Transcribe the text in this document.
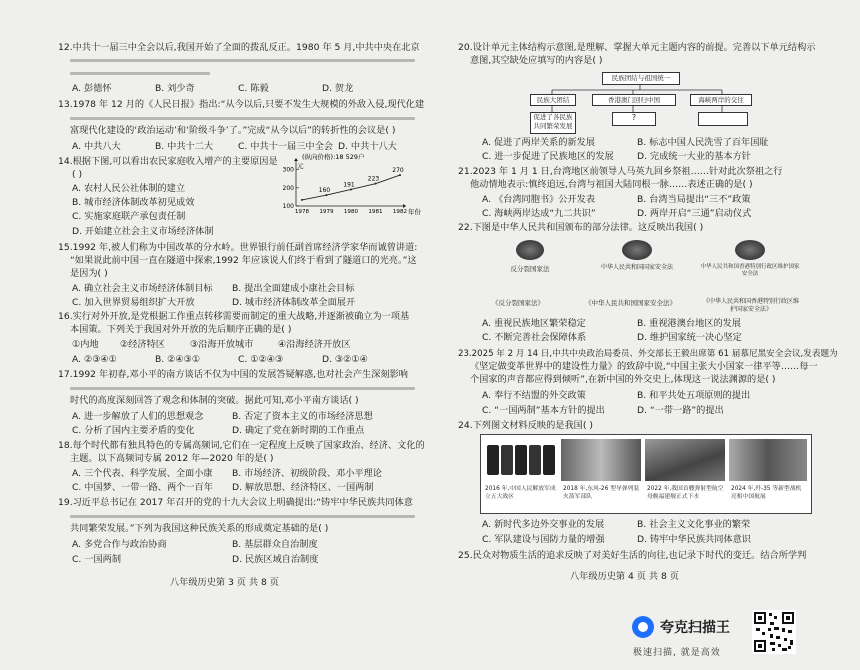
12.中共十一届三中全会以后,我国开始了全面的拨乱反正。1980 年 5 月,中共中央在北京
A. 彭德怀	B. 刘少奇	C. 陈毅	D. 贺龙
13.1978 年 12 月的《人民日报》指出:“从今以后,只要不发生大规模的外敌入侵,现代化建
富现代化建设的‘政治运动’和‘阶级斗争’了。”完成“从今以后”的转折性的会议是( )
A. 中共八大	B. 中共十二大	C. 中共十一届三中全会 D. 中共十八大
14.根据下图,可以看出农民家庭收入增产的主要原因是
( )
A. 农村人民公社体制的建立
B. 城市经济体制改革初见成效
C. 实施家庭联产承包责任制
D. 开始建立社会主义市场经济体制
(纵向价格):18 529户
元
年份
100
200
300
1978 1979 1980 1981 1982
160
191
223
270
15.1992 年,被人们称为中国改革的分水岭。世界银行前任副首席经济学家华而诚曾讲道:
“如果说此前中国一直在隧道中探索,1992 年应该说人们终于看到了隧道口的光亮。”这
是因为( )
A. 确立社会主义市场经济体制目标 B. 提出全面建成小康社会目标
C. 加入世界贸易组织扩大开放	D. 城市经济体制改革全面展开
16.实行对外开放,是党根据工作重点转移需要而制定的重大战略,并逐渐被确立为一项基
本国策。下列关于我国对外开放的先后顺序正确的是( )
①内地 ②经济特区	③沿海开放城市	④沿海经济开放区
A. ②③④①	B. ②④③①	C. ①②④③	D. ③②①④
17.1992 年初春,邓小平的南方谈话不仅为中国的发展答疑解惑,也对社会产生深刻影响
时代的高度深刻回答了观念和体制的突破。据此可知,邓小平南方谈话( )
A. 进一步解放了人们的思想观念	B. 否定了资本主义的市场经济思想
C. 分析了国内主要矛盾的变化	D. 确定了党在新时期的工作重点
18.每个时代都有独具特色的专属高频词,它们在一定程度上反映了国家政治、经济、文化的
主题。以下高频词专属 2012 年—2020 年的是( )
A. 三个代表、科学发展、全面小康 B. 市场经济、初级阶段、邓小平理论
C. 中国梦、一带一路、两个一百年 D. 解放思想、经济特区、一国两制
19.习近平总书记在 2017 年召开的党的十九大会议上明确提出:“铸牢中华民族共同体意
共同繁荣发展。”下列为我国这种民族关系的形成奠定基础的是( )
A. 多党合作与政治协商	B. 基层群众自治制度
C. 一国两制	D. 民族区域自治制度
八年级历史第 3 页 共 8 页
20.设计单元主体结构示意图,是理解、掌握大单元主题内容的前提。完善以下单元结构示
意图,其空缺处应填写的内容是( )
民族团结与祖国统一
民族大团结	香港澳门回归中国	海峡两岸的交往
促进了各民族共同繁荣发展
?
A. 促进了两岸关系的新发展	B. 标志中国人民洗雪了百年国耻
C. 进一步促进了民族地区的发展	D. 完成统一大业的基本方针
21.2023 年 1 月 1 日,台湾地区前领导人马英九回乡祭祖……针对此次祭祖之行
他动情地表示:慎终追远,台湾与祖国大陆同根一脉……表述正确的是( )
A. 《台湾同胞书》公开发表	B. 台湾当局提出“三不”政策
C. 海峡两岸达成“九二共识”	D. 两岸开启“三通”启动仪式
22.下图是中华人民共和国颁布的部分法律。这反映出我国( )
反分裂国家法	中华人民共和国国家安全法	中华人民共和国香港特别行政区维护国家安全法
《反分裂国家法》	《中华人民共和国国家安全法》	《中华人民共和国香港特别行政区维护国家安全法》
A. 重视民族地区繁荣稳定	B. 重视港澳台地区的发展
C. 不断完善社会保障体系	D. 维护国家统一决心坚定
23.2025 年 2 月 14 日,中共中央政治局委员、外交部长王毅出席第 61 届慕尼黑安全会议,发表题为
《坚定做变革世界中的建设性力量》的致辞中说,“中国主张大小国家一律平等……每一
个国家的声音都应得到倾听”,在新中国的外交史上,体现这一说法渊源的是( )
A. 奉行不结盟的外交政策	B. 和平共处五项原则的提出
C. “一国两制”基本方针的提出	D. “一带一路”的提出
24.下列图文材料反映的是我国( )
2016 年,中国人民解放军成立五大战区
2018 年,东风-26 型导弹列装火箭军部队
2022 年,我国首艘弹射型航空母舰福建舰正式下水
2024 年,歼-35 等新型战机亮相中国航展
A. 新时代多边外交事业的发展	B. 社会主义文化事业的繁荣
C. 军队建设与国防力量的增强	D. 铸牢中华民族共同体意识
25.民众对物质生活的追求反映了对美好生活的向往,也记录下时代的变迁。结合所学判
八年级历史第 4 页 共 8 页
夸克扫描王
极速扫描, 就是高效
